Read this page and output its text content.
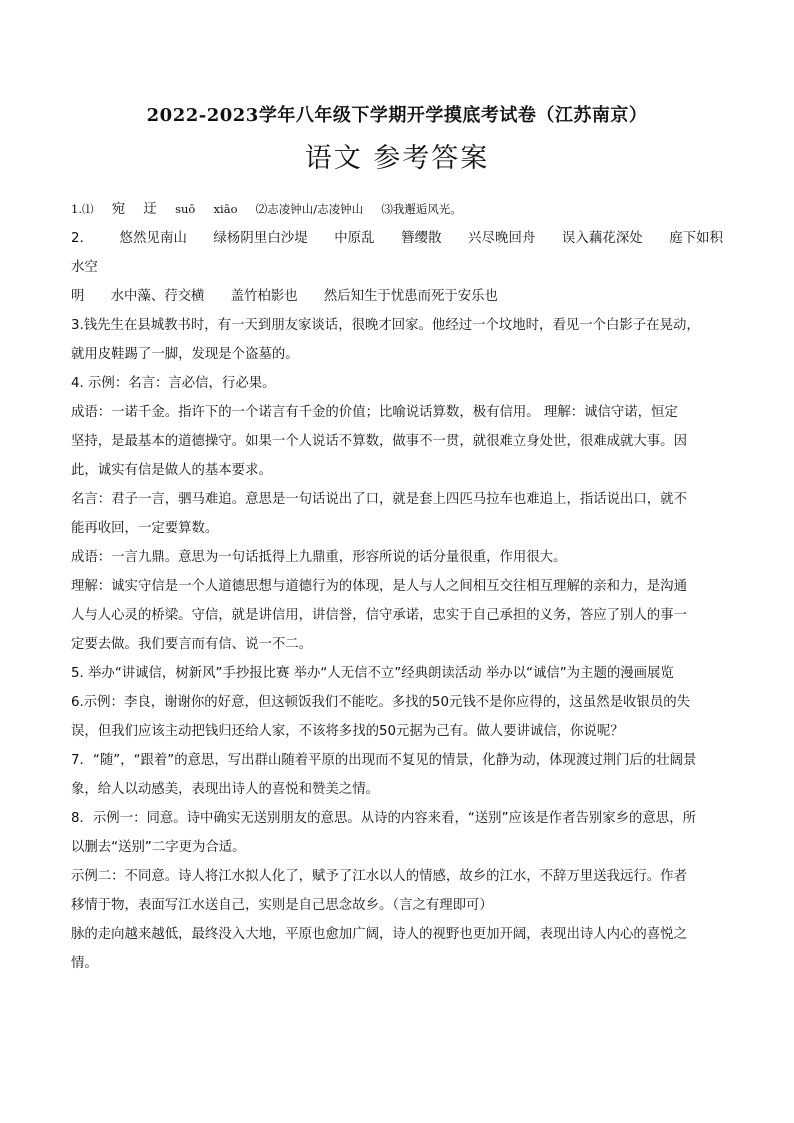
2022-2023学年八年级下学期开学摸底考试卷（江苏南京）
语文 参考答案

1.⑴ 宛 迂 suō xiāo ⑵志凌钟山/志凌钟山 ⑶我邂逅风光。

2． 悠然见南山 绿杨阴里白沙堤 中原乱 簪缨散 兴尽晚回舟 误入藕花深处 庭下如积水空

明 水中藻、荇交横 盖竹柏影也 然后知生于忧患而死于安乐也

3.钱先生在县城教书时，有一天到朋友家谈话，很晚才回家。他经过一个坟地时，看见一个白影子在晃动，

就用皮鞋踢了一脚，发现是个盗墓的。

4. 示例：名言：言必信，行必果。

成语：一诺千金。指许下的一个诺言有千金的价值；比喻说话算数，极有信用。 理解：诚信守诺，恒定

坚持，是最基本的道德操守。如果一个人说话不算数，做事不一贯，就很难立身处世，很难成就大事。因

此，诚实有信是做人的基本要求。

名言：君子一言，驷马难追。意思是一句话说出了口，就是套上四匹马拉车也难追上，指话说出口，就不

能再收回，一定要算数。

成语：一言九鼎。意思为一句话抵得上九鼎重，形容所说的话分量很重，作用很大。

理解：诚实守信是一个人道德思想与道德行为的体现，是人与人之间相互交往相互理解的亲和力，是沟通

人与人心灵的桥梁。守信，就是讲信用，讲信誉，信守承诺，忠实于自己承担的义务，答应了别人的事一

定要去做。我们要言而有信、说一不二。

5. 举办“讲诚信，树新风”手抄报比赛 举办“人无信不立”经典朗读活动 举办以“诚信”为主题的漫画展览

6.示例：李良，谢谢你的好意，但这顿饭我们不能吃。多找的50元钱不是你应得的，这虽然是收银员的失

误，但我们应该主动把钱归还给人家，不该将多找的50元据为己有。做人要讲诚信，你说呢？

7．“随”，“跟着”的意思，写出群山随着平原的出现而不复见的情景，化静为动，体现渡过荆门后的壮阔景

象，给人以动感美，表现出诗人的喜悦和赞美之情。

8．示例一：同意。诗中确实无送别朋友的意思。从诗的内容来看，“送别”应该是作者告别家乡的意思，所

以删去“送别”二字更为合适。

示例二：不同意。诗人将江水拟人化了，赋予了江水以人的情感，故乡的江水，不辞万里送我远行。作者

移情于物，表面写江水送自己，实则是自己思念故乡。（言之有理即可）

脉的走向越来越低，最终没入大地，平原也愈加广阔，诗人的视野也更加开阔，表现出诗人内心的喜悦之

情。
